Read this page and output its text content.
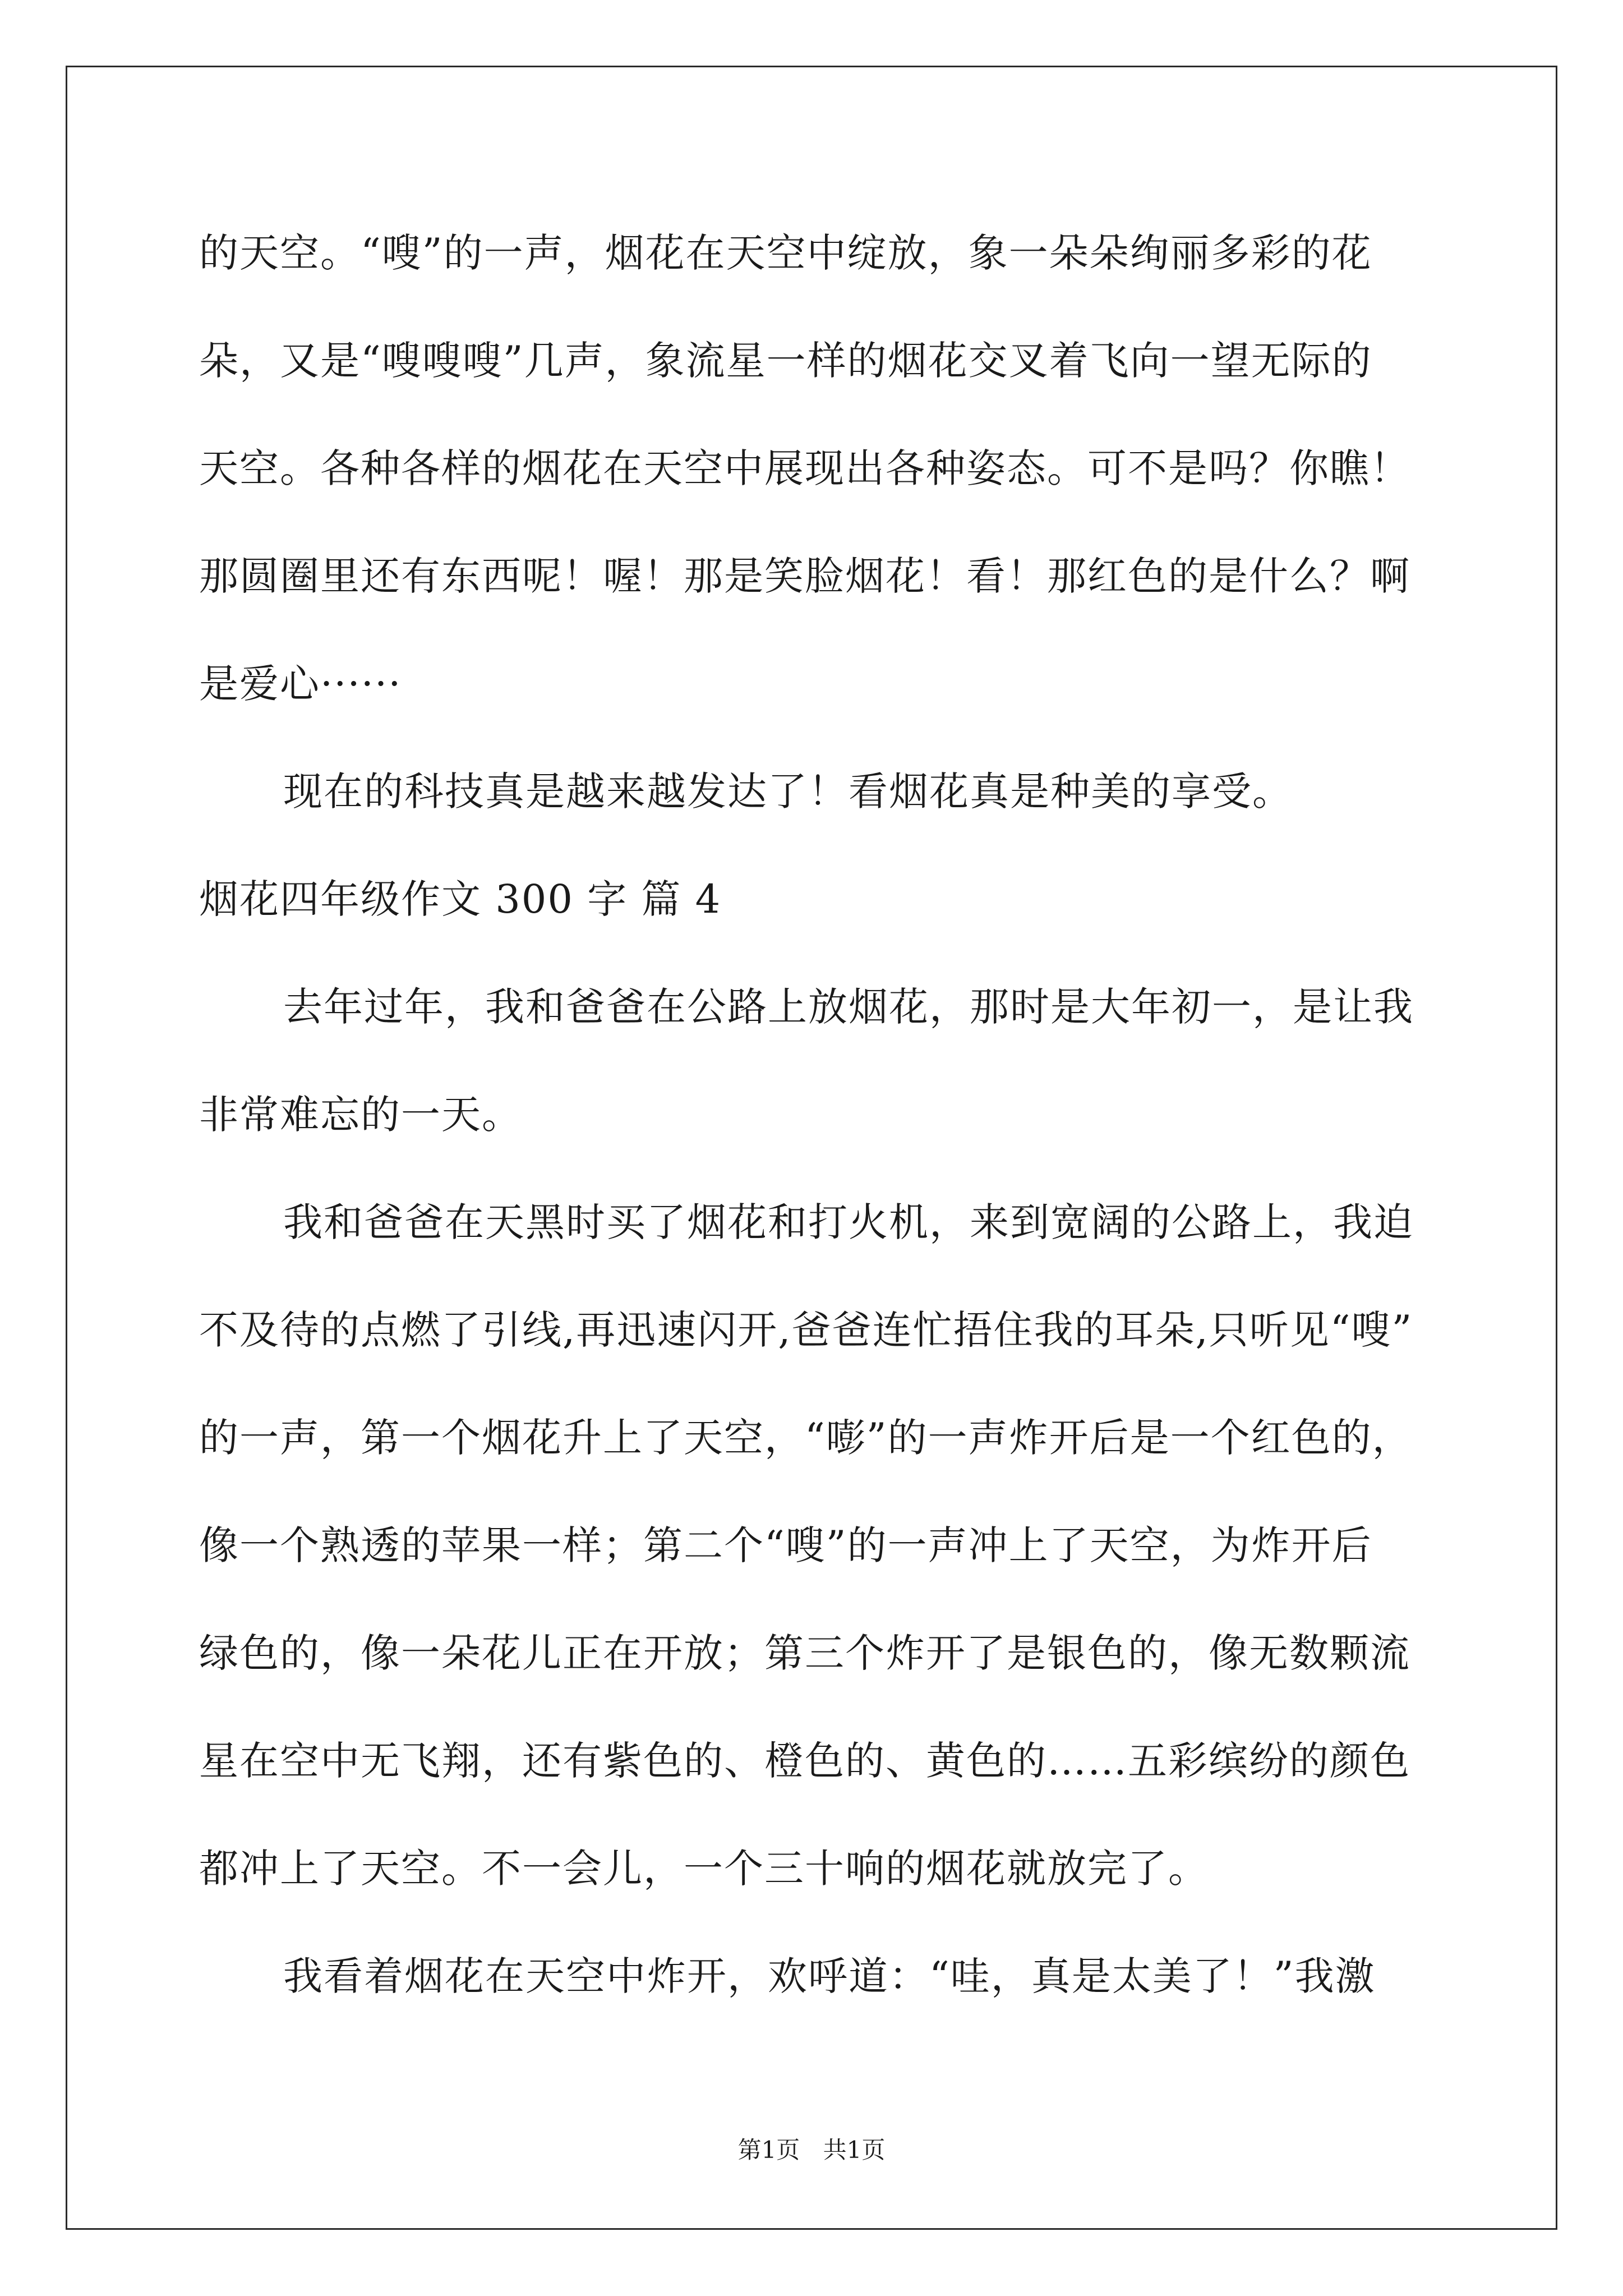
的天空。“嗖”的一声，烟花在天空中绽放，象一朵朵绚丽多彩的花
朵，又是“嗖嗖嗖”几声，象流星一样的烟花交叉着飞向一望无际的
天空。各种各样的烟花在天空中展现出各种姿态。可不是吗？你瞧！
那圆圈里还有东西呢！喔！那是笑脸烟花！看！那红色的是什么？啊
是爱心······
现在的科技真是越来越发达了！看烟花真是种美的享受。
烟花四年级作文 300 字 篇 4
去年过年，我和爸爸在公路上放烟花，那时是大年初一，是让我
非常难忘的一天。
我和爸爸在天黑时买了烟花和打火机，来到宽阔的公路上，我迫
不及待的点燃了引线,再迅速闪开,爸爸连忙捂住我的耳朵,只听见“嗖”
的一声，第一个烟花升上了天空，“嘭”的一声炸开后是一个红色的，
像一个熟透的苹果一样；第二个“嗖”的一声冲上了天空，为炸开后
绿色的，像一朵花儿正在开放；第三个炸开了是银色的，像无数颗流
星在空中无飞翔，还有紫色的、橙色的、黄色的……五彩缤纷的颜色
都冲上了天空。不一会儿，一个三十响的烟花就放完了。
我看着烟花在天空中炸开，欢呼道：“哇，真是太美了！”我激
第1页 共1页
